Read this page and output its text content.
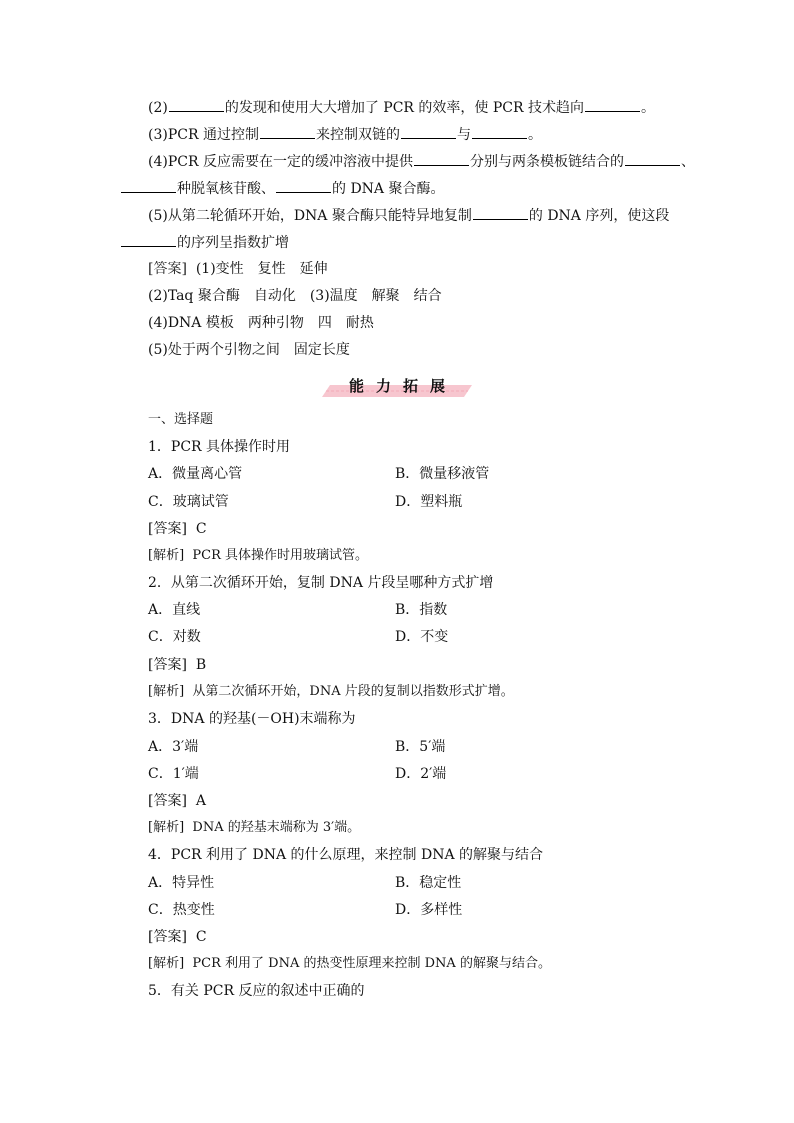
(2)	的发现和使用大大增加了 PCR 的效率，使 PCR 技术趋向	。
(3)PCR 通过控制	来控制双链的	与	。
(4)PCR 反应需要在一定的缓冲溶液中提供	分别与两条模板链结合的	、
种脱氧核苷酸、	的 DNA 聚合酶。
(5)从第二轮循环开始，DNA 聚合酶只能特异地复制	的 DNA 序列，使这段
的序列呈指数扩增
[答案] (1)变性　复性　延伸
(2)Taq 聚合酶　自动化　(3)温度　解聚　结合
(4)DNA 模板　两种引物　四　耐热
(5)处于两个引物之间　固定长度
能力拓展
一、选择题
1．PCR 具体操作时用
A．微量离心管	B．微量移液管
C．玻璃试管	D．塑料瓶
[答案] C
[解析] PCR 具体操作时用玻璃试管。
2．从第二次循环开始，复制 DNA 片段呈哪种方式扩增
A．直线	B．指数
C．对数	D．不变
[答案] B
[解析] 从第二次循环开始，DNA 片段的复制以指数形式扩增。
3．DNA 的羟基(－OH)末端称为
A．3′端	B．5′端
C．1′端	D．2′端
[答案] A
[解析] DNA 的羟基末端称为 3′端。
4．PCR 利用了 DNA 的什么原理，来控制 DNA 的解聚与结合
A．特异性	B．稳定性
C．热变性	D．多样性
[答案] C
[解析] PCR 利用了 DNA 的热变性原理来控制 DNA 的解聚与结合。
5．有关 PCR 反应的叙述中正确的
